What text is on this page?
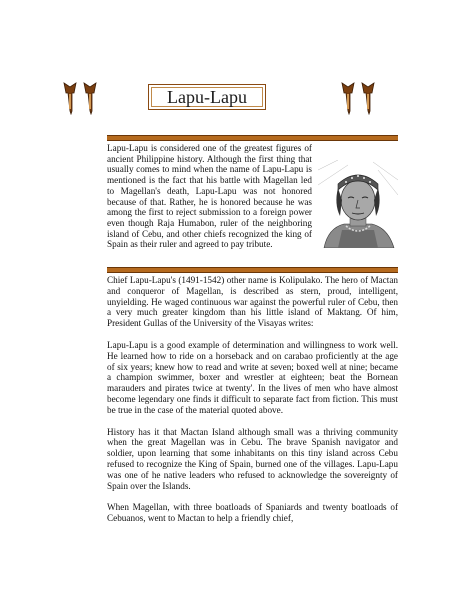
Lapu-Lapu
Lapu-Lapu is considered one of the greatest figures of ancient Philippine history. Although the first thing that usually comes to mind when the name of Lapu-Lapu is mentioned is the fact that his battle with Magellan led to Magellan's death, Lapu-Lapu was not honored because of that. Rather, he is honored because he was among the first to reject submission to a foreign power even though Raja Humabon, ruler of the neighboring island of Cebu, and other chiefs recognized the king of Spain as their ruler and agreed to pay tribute.

Chief Lapu-Lapu's (1491-1542) other name is Kolipulako. The hero of Mactan and conqueror of Magellan, is described as stern, proud, intelligent, unyielding. He waged continuous war against the powerful ruler of Cebu, then a very much greater kingdom than his little island of Maktang. Of him, President Gullas of the University of the Visayas writes:

Lapu-Lapu is a good example of determination and willingness to work well. He learned how to ride on a horseback and on carabao proficiently at the age of six years; knew how to read and write at seven; boxed well at nine; became a champion swimmer, boxer and wrestler at eighteen; beat the Bornean marauders and pirates twice at twenty'. In the lives of men who have almost become legendary one finds it difficult to separate fact from fiction. This must be true in the case of the material quoted above.

History has it that Mactan Island although small was a thriving community when the great Magellan was in Cebu. The brave Spanish navigator and soldier, upon learning that some inhabitants on this tiny island across Cebu refused to recognize the King of Spain, burned one of the villages. Lapu-Lapu was one of he native leaders who refused to acknowledge the sovereignty of Spain over the Islands.

When Magellan, with three boatloads of Spaniards and twenty boatloads of Cebuanos, went to Mactan to help a friendly chief,
